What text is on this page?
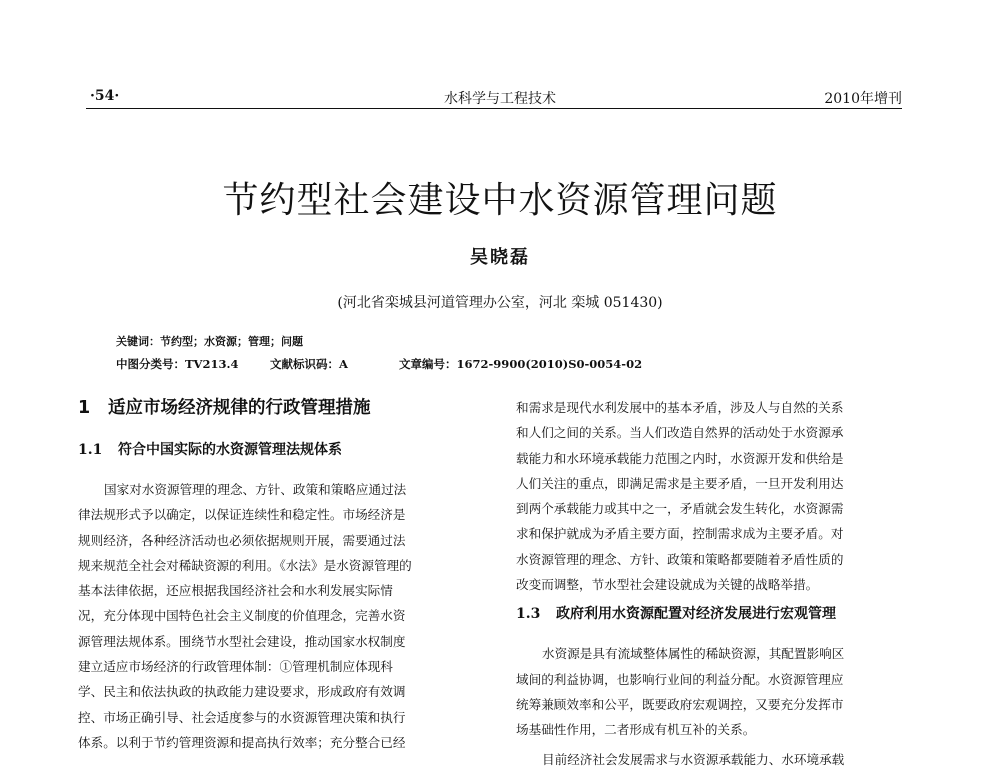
·54·	水科学与工程技术	2010年增刊
节约型社会建设中水资源管理问题
吴晓磊
(河北省栾城县河道管理办公室，河北 栾城 051430)
关键词：节约型；水资源；管理；问题
中图分类号：TV213.4	文献标识码：A	文章编号：1672-9900(2010)S0-0054-02
1 适应市场经济规律的行政管理措施
1.1 符合中国实际的水资源管理法规体系
国家对水资源管理的理念、方针、政策和策略应通过法
律法规形式予以确定，以保证连续性和稳定性。市场经济是
规则经济，各种经济活动也必须依据规则开展，需要通过法
规来规范全社会对稀缺资源的利用。《水法》是水资源管理的
基本法律依据，还应根据我国经济社会和水利发展实际情
况，充分体现中国特色社会主义制度的价值理念，完善水资
源管理法规体系。围绕节水型社会建设，推动国家水权制度
建立适应市场经济的行政管理体制：①管理机制应体现科
学、民主和依法执政的执政能力建设要求，形成政府有效调
控、市场正确引导、社会适度参与的水资源管理决策和执行
体系。以利于节约管理资源和提高执行效率；充分整合已经
和需求是现代水利发展中的基本矛盾，涉及人与自然的关系
和人们之间的关系。当人们改造自然界的活动处于水资源承
载能力和水环境承载能力范围之内时，水资源开发和供给是
人们关注的重点，即满足需求是主要矛盾，一旦开发利用达
到两个承载能力或其中之一，矛盾就会发生转化，水资源需
求和保护就成为矛盾主要方面，控制需求成为主要矛盾。对
水资源管理的理念、方针、政策和策略都要随着矛盾性质的
改变而调整，节水型社会建设就成为关键的战略举措。
1.3 政府利用水资源配置对经济发展进行宏观管理
水资源是具有流域整体属性的稀缺资源，其配置影响区
域间的利益协调，也影响行业间的利益分配。水资源管理应
统筹兼顾效率和公平，既要政府宏观调控，又要充分发挥市
场基础性作用，二者形成有机互补的关系。
目前经济社会发展需求与水资源承载能力、水环境承载
